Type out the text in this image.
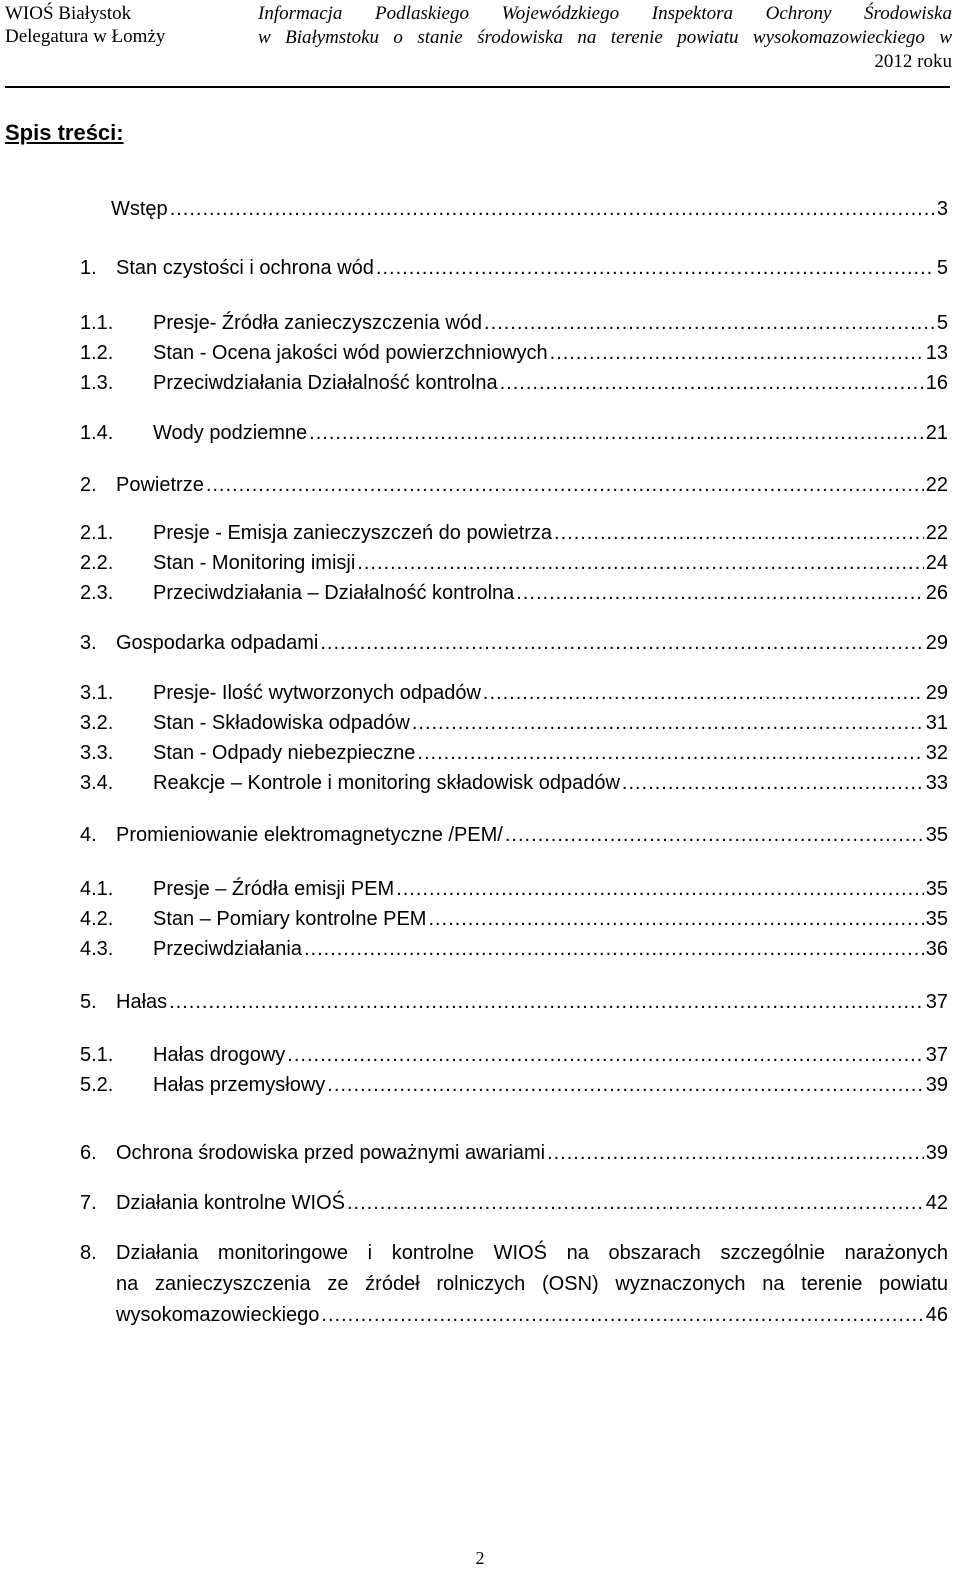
WIOŚ Białystok
Delegatura w Łomży
Informacja Podlaskiego Wojewódzkiego Inspektora Ochrony Środowiska
w Białymstoku o stanie środowiska na terenie powiatu wysokomazowieckiego w
2012 roku
Spis treści:
Wstęp .....	3
1. Stan czystości i ochrona wód .....	5
1.1. Presje- Źródła zanieczyszczenia wód .....	5
1.2. Stan - Ocena jakości wód powierzchniowych .....	13
1.3. Przeciwdziałania Działalność kontrolna .....	16
1.4. Wody podziemne .....	21
2. Powietrze .....	22
2.1. Presje - Emisja zanieczyszczeń do powietrza .....	22
2.2. Stan - Monitoring imisji .....	24
2.3. Przeciwdziałania – Działalność kontrolna .....	26
3. Gospodarka odpadami .....	29
3.1. Presje- Ilość wytworzonych odpadów .....	29
3.2. Stan - Składowiska odpadów .....	31
3.3. Stan - Odpady niebezpieczne .....	32
3.4. Reakcje – Kontrole i monitoring składowisk odpadów .....	33
4. Promieniowanie elektromagnetyczne /PEM/ .....	35
4.1. Presje – Źródła emisji PEM .....	35
4.2. Stan – Pomiary kontrolne PEM .....	35
4.3. Przeciwdziałania .....	36
5. Hałas .....	37
5.1. Hałas drogowy .....	37
5.2. Hałas przemysłowy .....	39
6. Ochrona środowiska przed poważnymi awariami .....	39
7. Działania kontrolne WIOŚ .....	42
8. Działania monitoringowe i kontrolne WIOŚ na obszarach szczególnie narażonych
na zanieczyszczenia ze źródeł rolniczych (OSN) wyznaczonych na terenie powiatu
wysokomazowieckiego .....	46
2
